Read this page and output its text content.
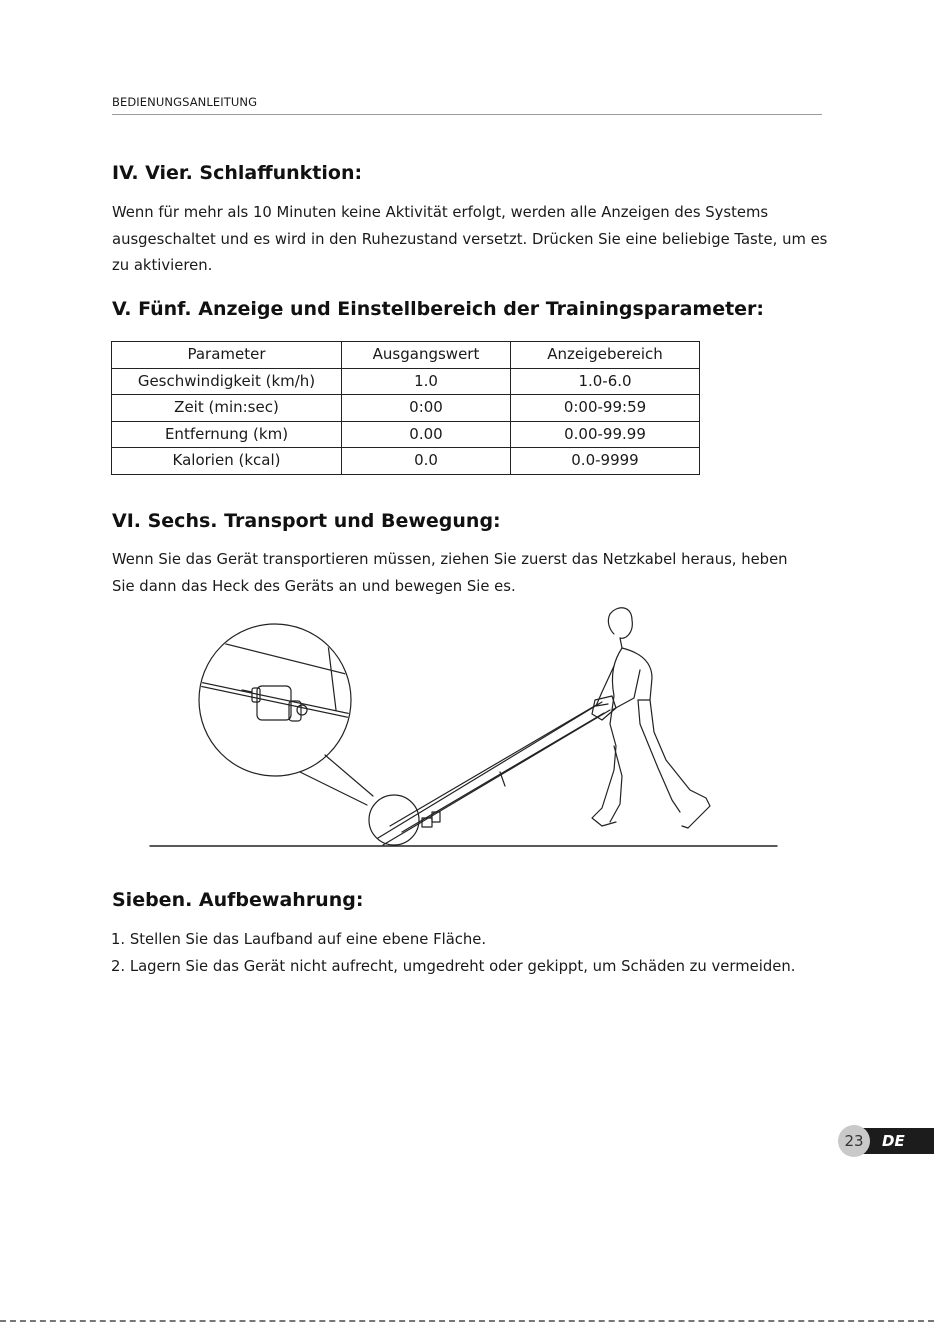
BEDIENUNGSANLEITUNG
IV. Vier. Schlaffunktion:

Wenn für mehr als 10 Minuten keine Aktivität erfolgt, werden alle Anzeigen des Systems ausgeschaltet und es wird in den Ruhezustand versetzt. Drücken Sie eine beliebige Taste, um es zu aktivieren.

V. Fünf. Anzeige und Einstellbereich der Trainingsparameter:
Parameter	Ausgangswert	Anzeigebereich
Geschwindigkeit (km/h)	1.0	1.0-6.0
Zeit (min:sec)	0:00	0:00-99:59
Entfernung (km)	0.00	0.00-99.99
Kalorien (kcal)	0.0	0.0-9999
VI. Sechs. Transport und Bewegung:

Wenn Sie das Gerät transportieren müssen, ziehen Sie zuerst das Netzkabel heraus, heben Sie dann das Heck des Geräts an und bewegen Sie es.

Sieben. Aufbewahrung:
1. Stellen Sie das Laufband auf eine ebene Fläche.
2. Lagern Sie das Gerät nicht aufrecht, umgedreht oder gekippt, um Schäden zu vermeiden.
23	DE
